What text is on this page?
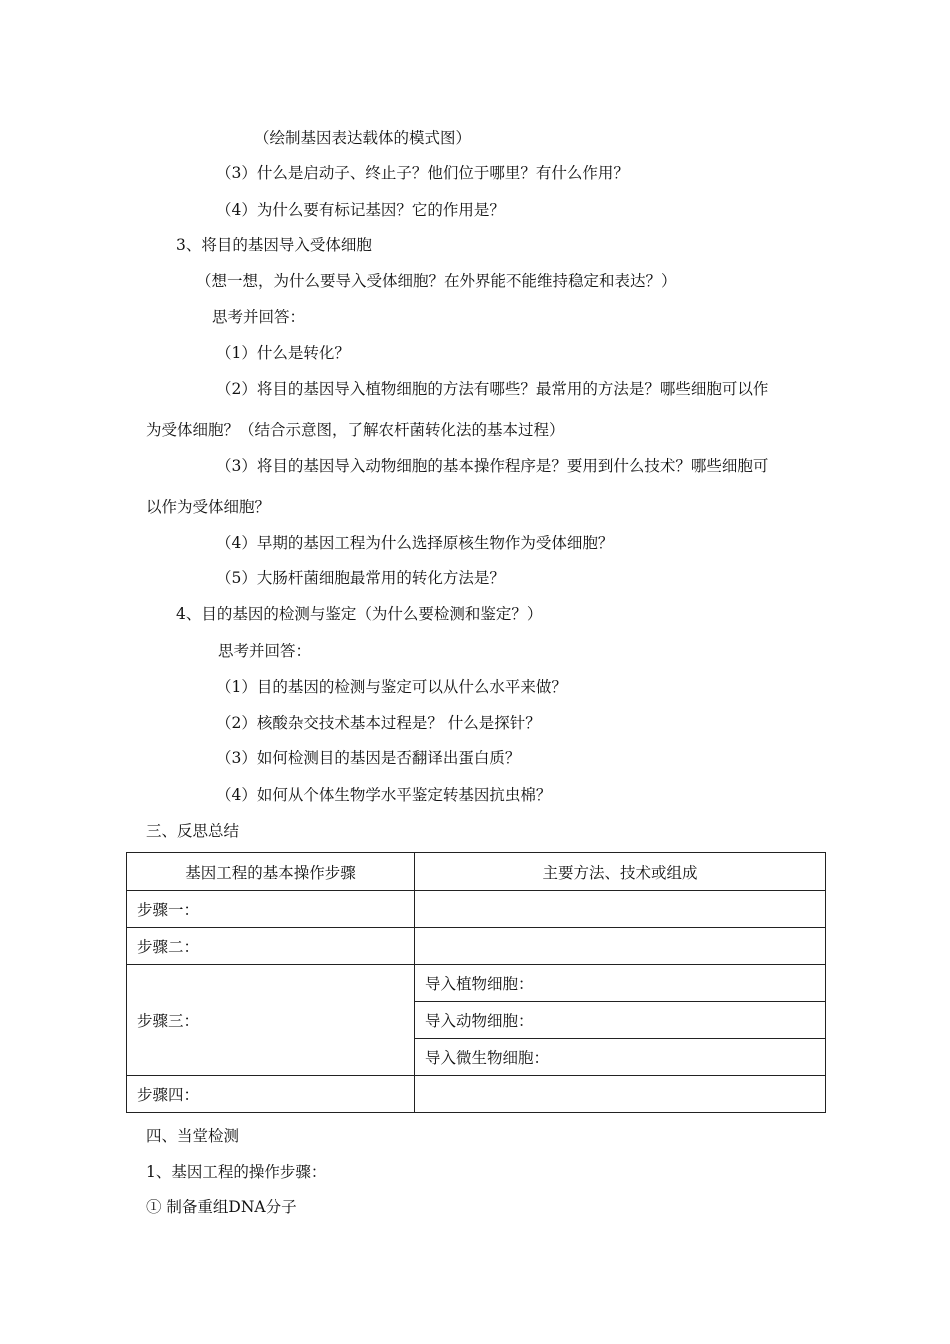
（绘制基因表达载体的模式图）
（3）什么是启动子、终止子？他们位于哪里？有什么作用？
（4）为什么要有标记基因？它的作用是？
3、将目的基因导入受体细胞
（想一想，为什么要导入受体细胞？在外界能不能维持稳定和表达？）
思考并回答：
（1）什么是转化？
（2）将目的基因导入植物细胞的方法有哪些？最常用的方法是？哪些细胞可以作
为受体细胞？（结合示意图，了解农杆菌转化法的基本过程）
（3）将目的基因导入动物细胞的基本操作程序是？要用到什么技术？哪些细胞可
以作为受体细胞？
（4）早期的基因工程为什么选择原核生物作为受体细胞？
（5）大肠杆菌细胞最常用的转化方法是？
4、目的基因的检测与鉴定（为什么要检测和鉴定？）
思考并回答：
（1）目的基因的检测与鉴定可以从什么水平来做？
（2）核酸杂交技术基本过程是？ 什么是探针？
（3）如何检测目的基因是否翻译出蛋白质？
（4）如何从个体生物学水平鉴定转基因抗虫棉？
三、反思总结
基因工程的基本操作步骤	主要方法、技术或组成
步骤一：	
步骤二：	
步骤三：	导入植物细胞：
	导入动物细胞：
	导入微生物细胞：
步骤四：	
四、当堂检测
1、基因工程的操作步骤：
① 制备重组DNA分子
